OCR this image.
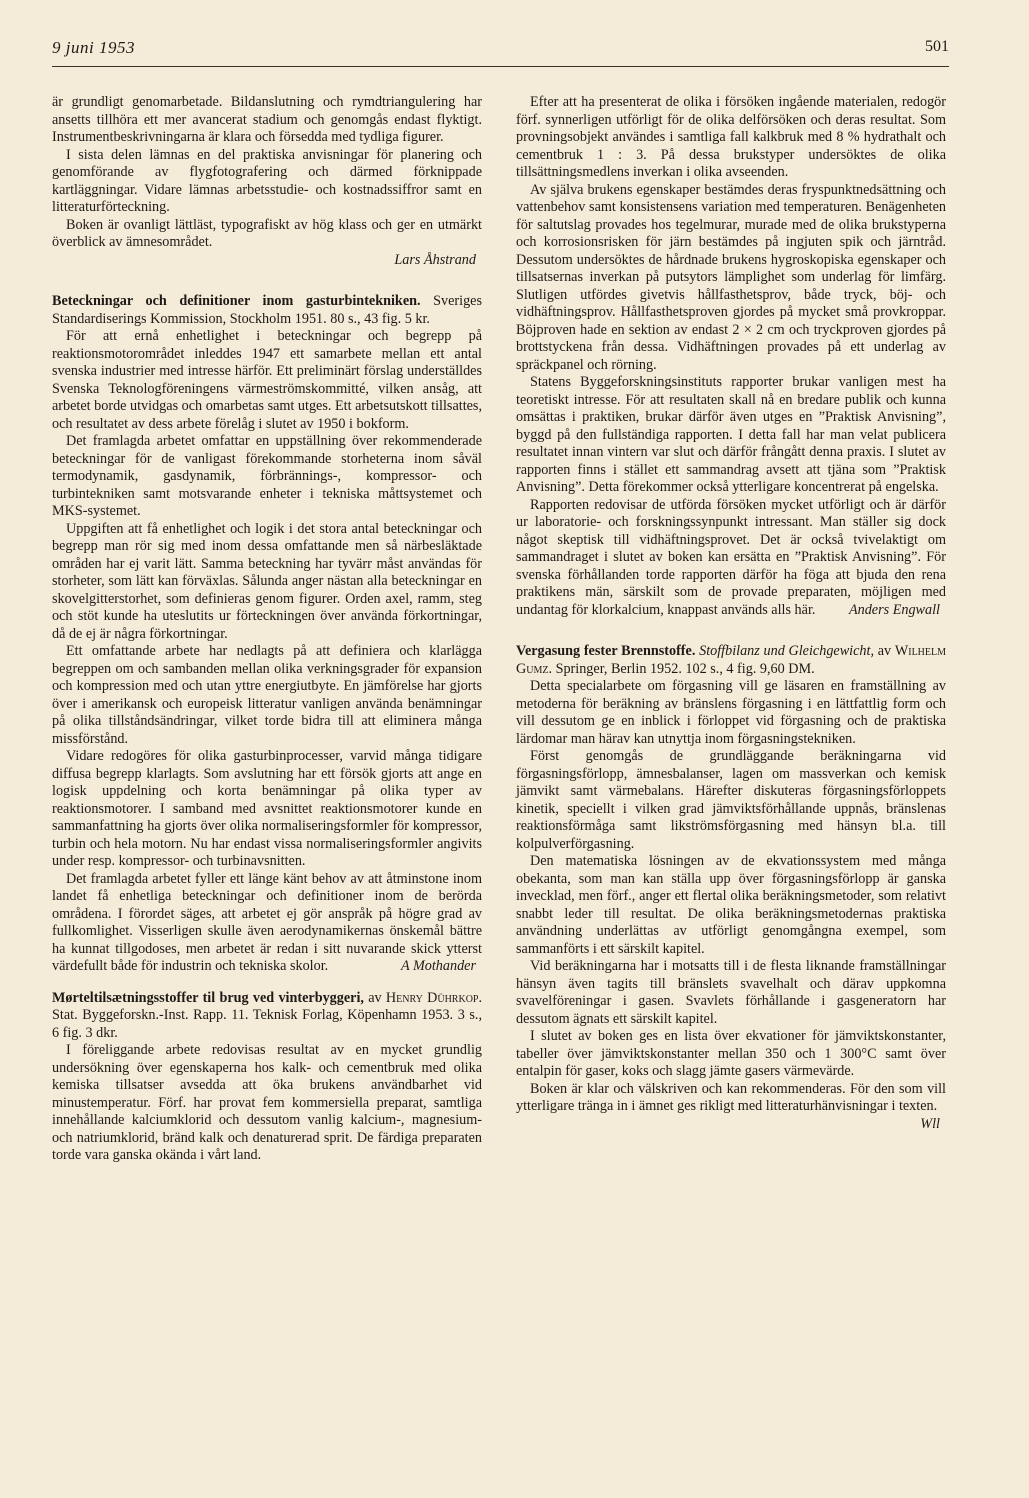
9 juni 1953	501

är grundligt genomarbetade. Bildanslutning och rymdtriangulering har ansetts tillhöra ett mer avancerat stadium och genomgås endast flyktigt. Instrumentbeskrivningarna är klara och försedda med tydliga figurer.

I sista delen lämnas en del praktiska anvisningar för planering och genomförande av flygfotografering och därmed förknippade kartläggningar. Vidare lämnas arbetsstudie- och kostnadssiffror samt en litteraturförteckning.

Boken är ovanligt lättläst, typografiskt av hög klass och ger en utmärkt överblick av ämnesområdet.

Lars Åhstrand

Beteckningar och definitioner inom gasturbintekniken. Sveriges Standardiserings Kommission, Stockholm 1951. 80 s., 43 fig. 5 kr.

För att ernå enhetlighet i beteckningar och begrepp på reaktionsmotorområdet inleddes 1947 ett samarbete mellan ett antal svenska industrier med intresse härför. Ett preliminärt förslag underställdes Svenska Teknologföreningens värmeströmskommitté, vilken ansåg, att arbetet borde utvidgas och omarbetas samt utges. Ett arbetsutskott tillsattes, och resultatet av dess arbete förelåg i slutet av 1950 i bokform.

Det framlagda arbetet omfattar en uppställning över rekommenderade beteckningar för de vanligast förekommande storheterna inom såväl termodynamik, gasdynamik, förbrännings-, kompressor- och turbintekniken samt motsvarande enheter i tekniska måttsystemet och MKS-systemet.

Uppgiften att få enhetlighet och logik i det stora antal beteckningar och begrepp man rör sig med inom dessa omfattande men så närbesläktade områden har ej varit lätt. Samma beteckning har tyvärr måst användas för storheter, som lätt kan förväxlas. Sålunda anger nästan alla beteckningar en skovelgitterstorhet, som definieras genom figurer. Orden axel, ramm, steg och stöt kunde ha uteslutits ur förteckningen över använda förkortningar, då de ej är några förkortningar.

Ett omfattande arbete har nedlagts på att definiera och klarlägga begreppen om och sambanden mellan olika verkningsgrader för expansion och kompression med och utan yttre energiutbyte. En jämförelse har gjorts över i amerikansk och europeisk litteratur vanligen använda benämningar på olika tillståndsändringar, vilket torde bidra till att eliminera många missförstånd.

Vidare redogöres för olika gasturbinprocesser, varvid många tidigare diffusa begrepp klarlagts. Som avslutning har ett försök gjorts att ange en logisk uppdelning och korta benämningar på olika typer av reaktionsmotorer. I samband med avsnittet reaktionsmotorer kunde en sammanfattning ha gjorts över olika normaliseringsformler för kompressor, turbin och hela motorn. Nu har endast vissa normaliseringsformler angivits under resp. kompressor- och turbinavsnitten.

Det framlagda arbetet fyller ett länge känt behov av att åtminstone inom landet få enhetliga beteckningar och definitioner inom de berörda områdena. I förordet säges, att arbetet ej gör anspråk på högre grad av fullkomlighet. Visserligen skulle även aerodynamikernas önskemål bättre ha kunnat tillgodoses, men arbetet är redan i sitt nuvarande skick ytterst värdefullt både för industrin och tekniska skolor.	A Mothander

Mørteltilsætningsstoffer til brug ved vinterbyggeri, av Henry Dührkop. Stat. Byggeforskn.-Inst. Rapp. 11. Teknisk Forlag, Köpenhamn 1953. 3 s., 6 fig. 3 dkr.

I föreliggande arbete redovisas resultat av en mycket grundlig undersökning över egenskaperna hos kalk- och cementbruk med olika kemiska tillsatser avsedda att öka brukens användbarhet vid minustemperatur. Förf. har provat fem kommersiella preparat, samtliga innehållande kalciumklorid och dessutom vanlig kalcium-, magnesium- och natriumklorid, bränd kalk och denaturerad sprit. De färdiga preparaten torde vara ganska okända i vårt land.

Efter att ha presenterat de olika i försöken ingående materialen, redogör förf. synnerligen utförligt för de olika delförsöken och deras resultat. Som provningsobjekt användes i samtliga fall kalkbruk med 8 % hydrathalt och cementbruk 1 : 3. På dessa brukstyper undersöktes de olika tillsättningsmedlens inverkan i olika avseenden.

Av själva brukens egenskaper bestämdes deras fryspunktnedsättning och vattenbehov samt konsistensens variation med temperaturen. Benägenheten för saltutslag provades hos tegelmurar, murade med de olika brukstyperna och korrosionsrisken för järn bestämdes på ingjuten spik och järntråd. Dessutom undersöktes de hårdnade brukens hygroskopiska egenskaper och tillsatsernas inverkan på putsytors lämplighet som underlag för limfärg. Slutligen utfördes givetvis hållfasthetsprov, både tryck, böj- och vidhäftningsprov. Hållfasthetsproven gjordes på mycket små provkroppar. Böjproven hade en sektion av endast 2 × 2 cm och tryckproven gjordes på brottstyckena från dessa. Vidhäftningen provades på ett underlag av spräckpanel och rörning.

Statens Byggeforskningsinstituts rapporter brukar vanligen mest ha teoretiskt intresse. För att resultaten skall nå en bredare publik och kunna omsättas i praktiken, brukar därför även utges en ”Praktisk Anvisning”, byggd på den fullständiga rapporten. I detta fall har man velat publicera resultatet innan vintern var slut och därför frångått denna praxis. I slutet av rapporten finns i stället ett sammandrag avsett att tjäna som ”Praktisk Anvisning”. Detta förekommer också ytterligare koncentrerat på engelska.

Rapporten redovisar de utförda försöken mycket utförligt och är därför ur laboratorie- och forskningssynpunkt intressant. Man ställer sig dock något skeptisk till vidhäftningsprovet. Det är också tvivelaktigt om sammandraget i slutet av boken kan ersätta en ”Praktisk Anvisning”. För svenska förhållanden torde rapporten därför ha föga att bjuda den rena praktikens män, särskilt som de provade preparaten, möjligen med undantag för klorkalcium, knappast används alls här.	Anders Engwall

Vergasung fester Brennstoffe. Stoffbilanz und Gleichgewicht, av Wilhelm Gumz. Springer, Berlin 1952. 102 s., 4 fig. 9,60 DM.

Detta specialarbete om förgasning vill ge läsaren en framställning av metoderna för beräkning av bränslens förgasning i en lättfattlig form och vill dessutom ge en inblick i förloppet vid förgasning och de praktiska lärdomar man härav kan utnyttja inom förgasningstekniken.

Först genomgås de grundläggande beräkningarna vid förgasningsförlopp, ämnesbalanser, lagen om massverkan och kemisk jämvikt samt värmebalans. Härefter diskuteras förgasningsförloppets kinetik, speciellt i vilken grad jämviktsförhållande uppnås, bränslenas reaktionsförmåga samt likströmsförgasning med hänsyn bl.a. till kolpulverförgasning.

Den matematiska lösningen av de ekvationssystem med många obekanta, som man kan ställa upp över förgasningsförlopp är ganska invecklad, men förf., anger ett flertal olika beräkningsmetoder, som relativt snabbt leder till resultat. De olika beräkningsmetodernas praktiska användning underlättas av utförligt genomgångna exempel, som sammanförts i ett särskilt kapitel.

Vid beräkningarna har i motsatts till i de flesta liknande framställningar hänsyn även tagits till bränslets svavelhalt och därav uppkomna svavelföreningar i gasen. Svavlets förhållande i gasgeneratorn har dessutom ägnats ett särskilt kapitel.

I slutet av boken ges en lista över ekvationer för jämviktskonstanter, tabeller över jämviktskonstanter mellan 350 och 1 300°C samt över entalpin för gaser, koks och slagg jämte gasers värmevärde.

Boken är klar och välskriven och kan rekommenderas. För den som vill ytterligare tränga in i ämnet ges rikligt med litteraturhänvisningar i texten.
Wll
